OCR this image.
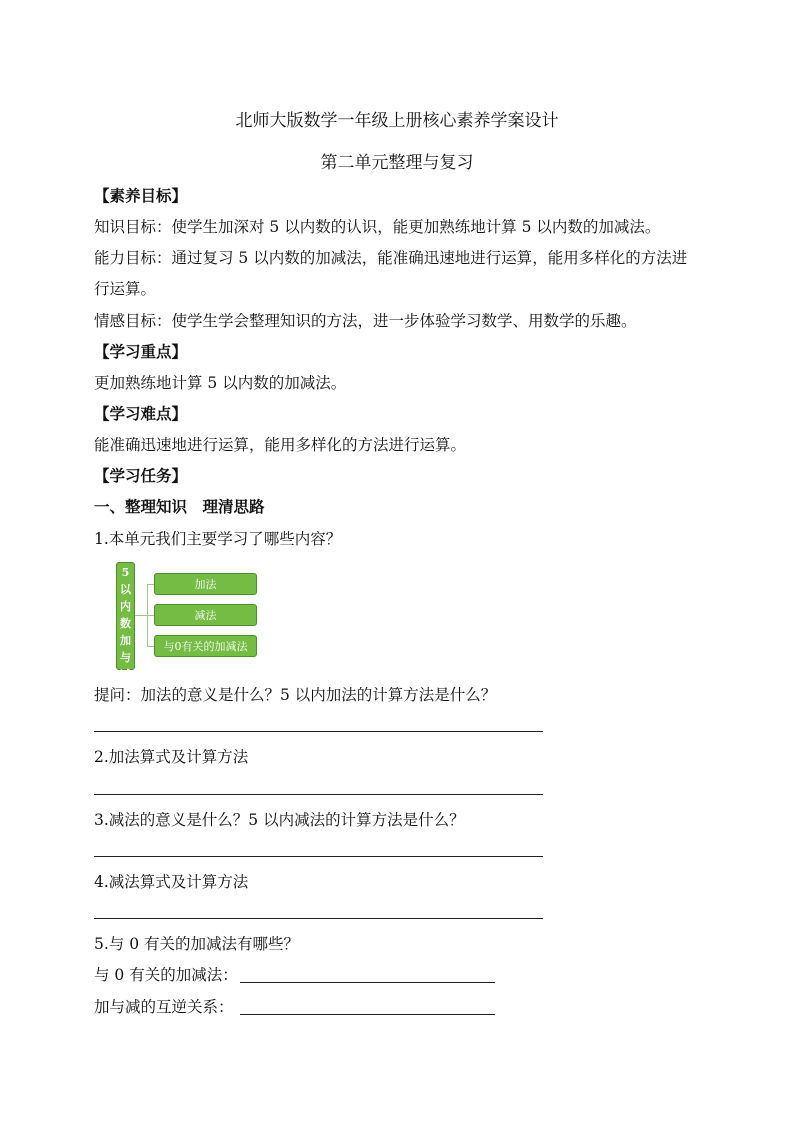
北师大版数学一年级上册核心素养学案设计
第二单元整理与复习
【素养目标】
知识目标：使学生加深对 5 以内数的认识，能更加熟练地计算 5 以内数的加减法。
能力目标：通过复习 5 以内数的加减法，能准确迅速地进行运算，能用多样化的方法进
行运算。
情感目标：使学生学会整理知识的方法，进一步体验学习数学、用数学的乐趣。
【学习重点】
更加熟练地计算 5 以内数的加减法。
【学习难点】
能准确迅速地进行运算，能用多样化的方法进行运算。
【学习任务】
一、整理知识　理清思路
1.本单元我们主要学习了哪些内容？
5
以
内
数
加
与
减
加法
减法
与0有关的加减法
提问：加法的意义是什么？5 以内加法的计算方法是什么？
2.加法算式及计算方法
3.减法的意义是什么？5 以内减法的计算方法是什么？
4.减法算式及计算方法
5.与 0 有关的加减法有哪些？
与 0 有关的加减法：
加与减的互逆关系：
